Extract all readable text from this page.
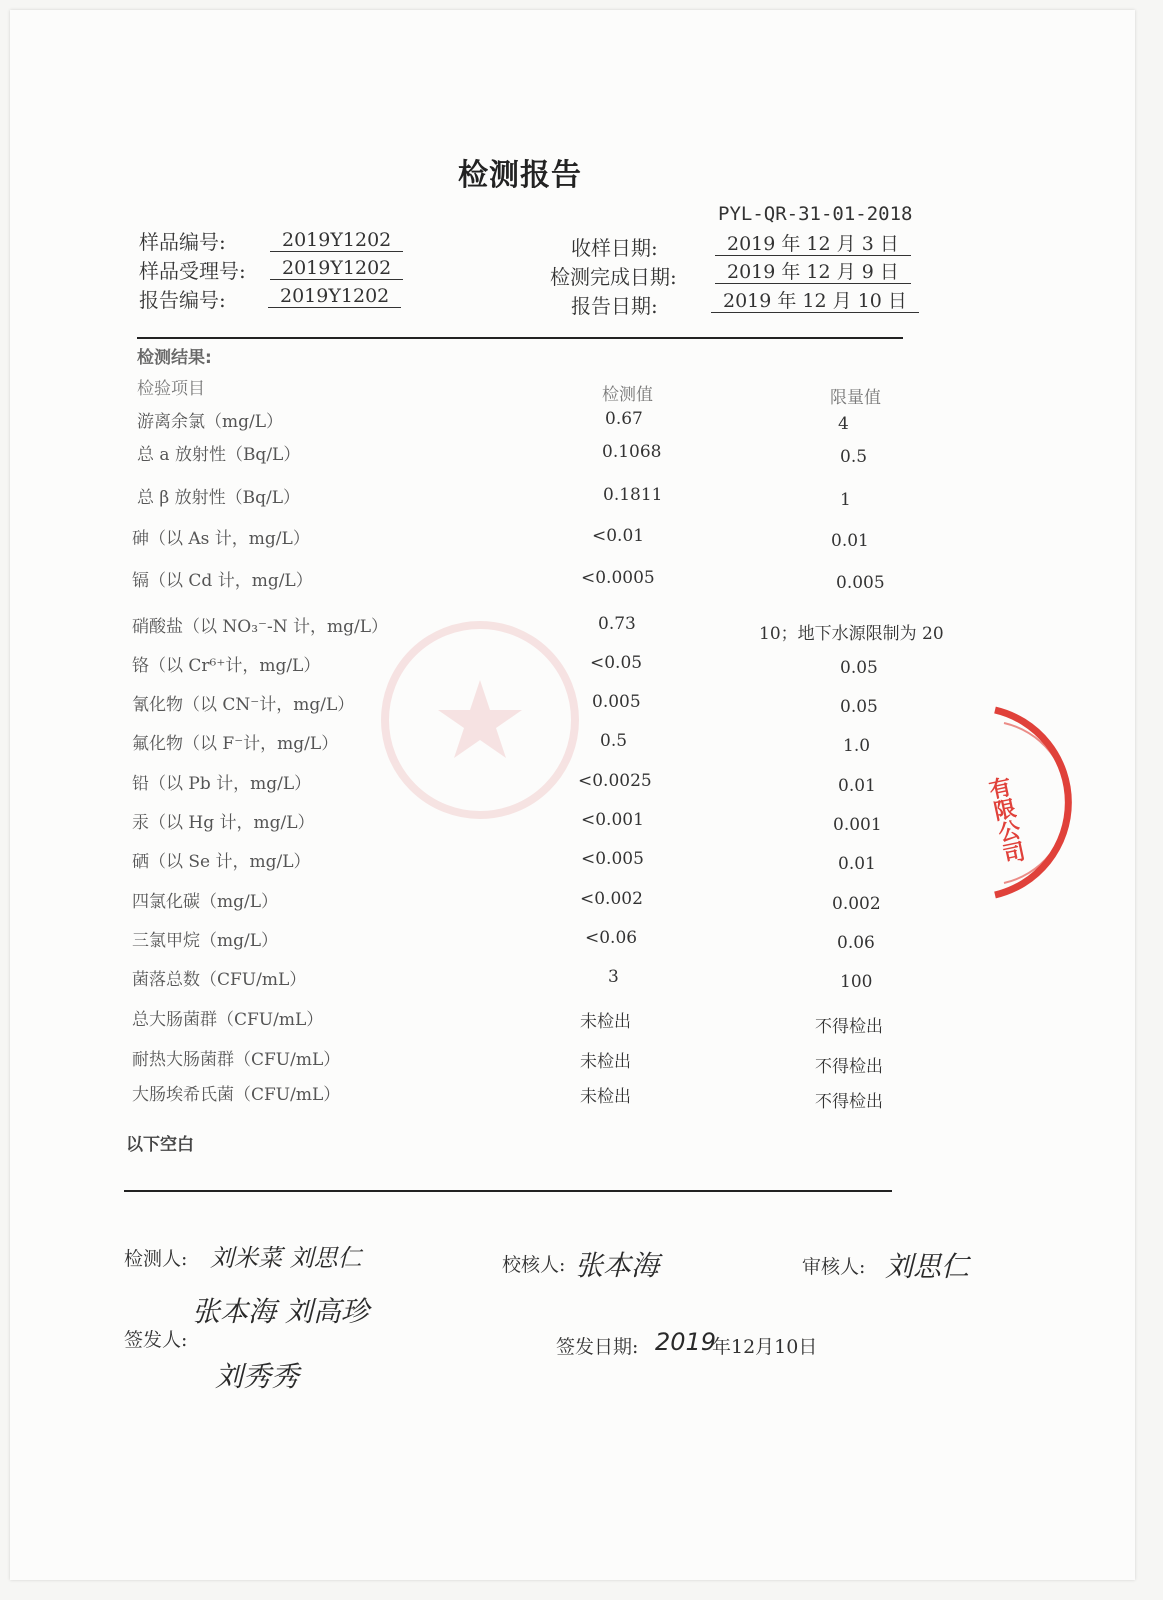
检测报告
PYL-QR-31-01-2018
样品编号:	2019Y1202
样品受理号:	2019Y1202
报告编号:	2019Y1202
收样日期:	2019 年 12 月 3 日
检测完成日期:	2019 年 12 月 9 日
报告日期:	2019 年 12 月 10 日
检测结果:
检验项目	检测值	限量值
游离余氯（mg/L）	0.67	4
总 a 放射性（Bq/L）	0.1068	0.5
总 β 放射性（Bq/L）	0.1811	1
砷（以 As 计，mg/L）	<0.01	0.01
镉（以 Cd 计，mg/L）	<0.0005	0.005
硝酸盐（以 NO₃⁻-N 计，mg/L）	0.73	10；地下水源限制为 20
铬（以 Cr⁶⁺计，mg/L）	<0.05	0.05
氰化物（以 CN⁻计，mg/L）	0.005	0.05
氟化物（以 F⁻计，mg/L）	0.5	1.0
铅（以 Pb 计，mg/L）	<0.0025	0.01
汞（以 Hg 计，mg/L）	<0.001	0.001
硒（以 Se 计，mg/L）	<0.005	0.01
四氯化碳（mg/L）	<0.002	0.002
三氯甲烷（mg/L）	<0.06	0.06
菌落总数（CFU/mL）	3	100
总大肠菌群（CFU/mL）	未检出	不得检出
耐热大肠菌群（CFU/mL）	未检出	不得检出
大肠埃希氏菌（CFU/mL）	未检出	不得检出
以下空白
检测人: 刘米菜 刘思仁	校核人: 张本海	审核人: 刘思仁
张本海 刘高珍
签发人:
刘秀秀
签发日期: 2019
年12月10日
有限公司
